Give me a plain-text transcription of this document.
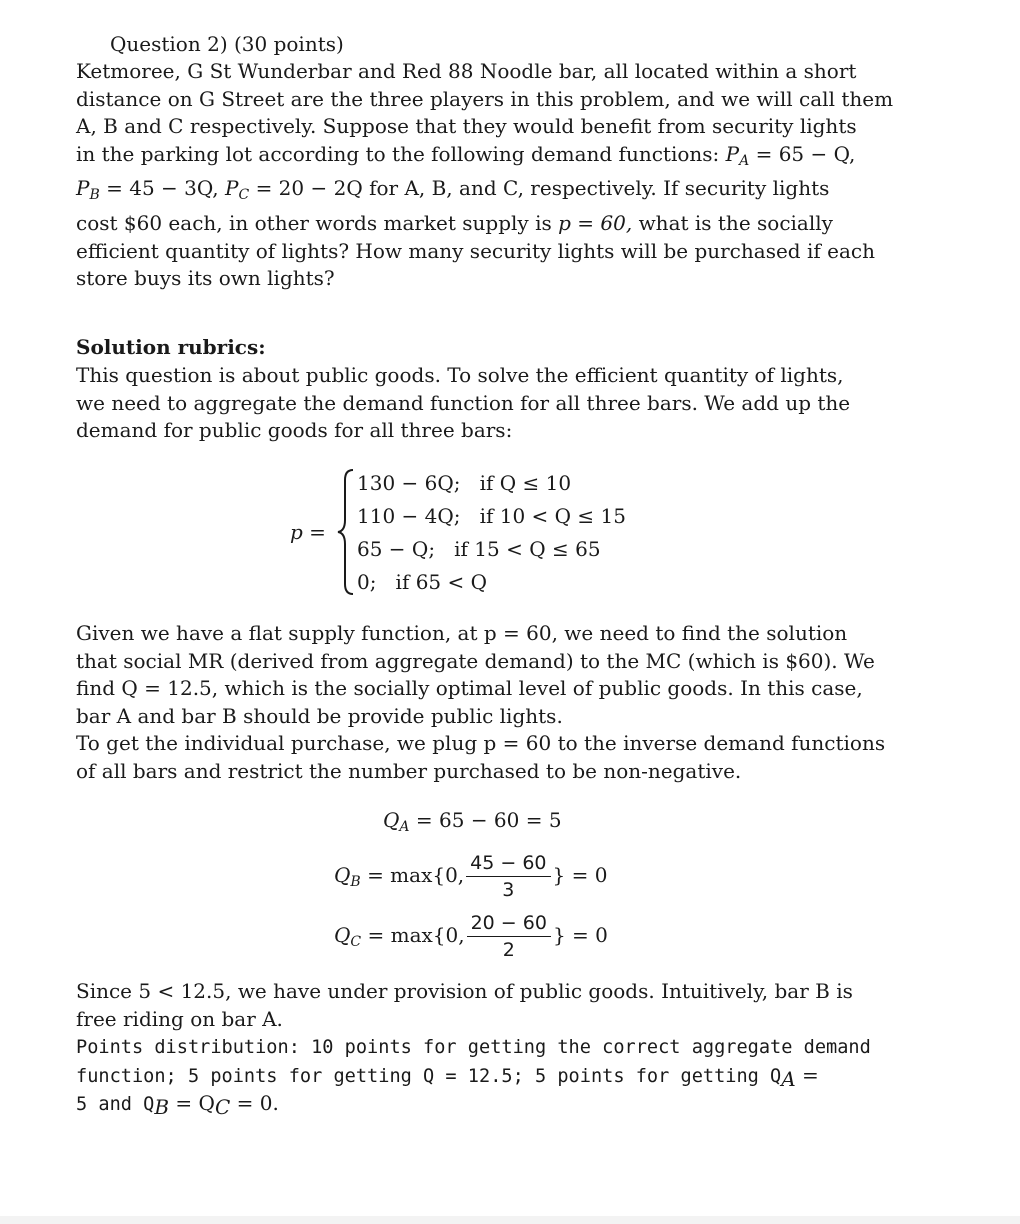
Question 2) (30 points)
Ketmoree, G St Wunderbar and Red 88 Noodle bar, all located within a short
distance on G Street are the three players in this problem, and we will call them
A, B and C respectively. Suppose that they would benefit from security lights
in the parking lot according to the following demand functions: $P_A = 65 - Q$,
$P_B = 45 - 3Q$, $P_C = 20 - 2Q$ for A, B, and C, respectively. If security lights
cost $60 each, in other words market supply is p = 60, what is the socially
efficient quantity of lights? How many security lights will be purchased if each
store buys its own lights?
Solution rubrics:
This question is about public goods. To solve the efficient quantity of lights,
we need to aggregate the demand function for all three bars. We add up the
demand for public goods for all three bars:
p =
130 − 6Q; if Q ≤ 10
110 − 4Q; if 10 < Q ≤ 15
65 − Q; if 15 < Q ≤ 65
0; if 65 < Q
Given we have a flat supply function, at p = 60, we need to find the solution
that social MR (derived from aggregate demand) to the MC (which is $60). We
find Q = 12.5, which is the socially optimal level of public goods. In this case,
bar A and bar B should be provide public lights.
To get the individual purchase, we plug p = 60 to the inverse demand functions
of all bars and restrict the number purchased to be non-negative.
$Q_A = 65 - 60 = 5$
$Q_B = \max\{0$, $\frac{45 - 60}{3}$ } = 0
$Q_C = \max\{0$, $\frac{20 - 60}{2}$ } = 0
Since 5 < 12.5, we have under provision of public goods. Intuitively, bar B is
free riding on bar A.
Points distribution: 10 points for getting the correct aggregate demand
function; 5 points for getting Q = 12.5; 5 points for getting QA =
5 and QB = QC = 0.
